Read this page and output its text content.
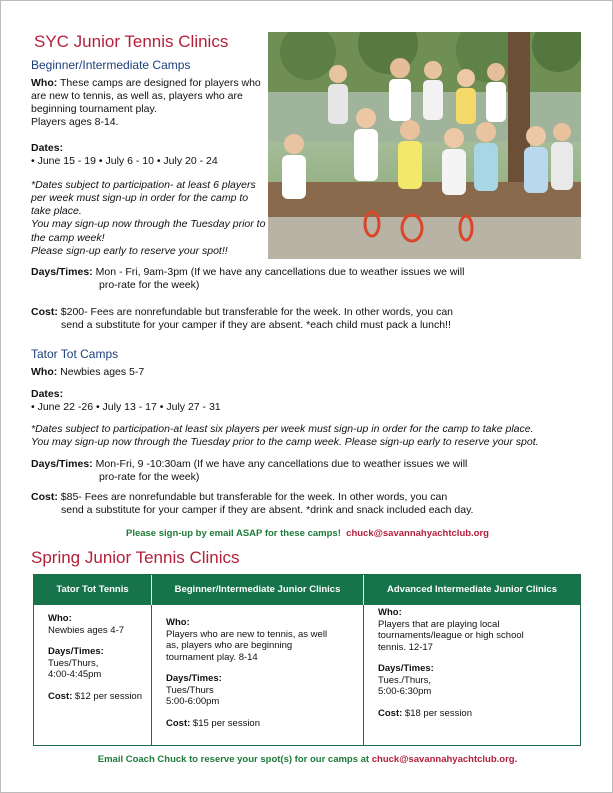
SYC Junior Tennis Clinics
Beginner/Intermediate Camps
Who: These camps are designed for players who are new to tennis, as well as, players who are beginning tournament play.
Players ages 8-14.
Dates:
• June 15 - 19 • July 6 - 10 • July 20 - 24
*Dates subject to participation- at least 6 players per week must sign-up in order for the camp to take place.
You may sign-up now through the Tuesday prior to the camp week!
Please sign-up early to reserve your spot!!
Days/Times: Mon - Fri, 9am-3pm (If we have any cancellations due to weather issues we will
pro-rate for the week)
Cost: $200- Fees are nonrefundable but transferable for the week. In other words, you can
send a substitute for your camper if they are absent. *each child must pack a lunch!!
Tator Tot Camps
Who: Newbies ages 5-7
Dates:
• June 22 -26 • July 13 - 17 • July 27 - 31
*Dates subject to participation-at least six players per week must sign-up in order for the camp to take place.
You may sign-up now through the Tuesday prior to the camp week. Please sign-up early to reserve your spot.
Days/Times: Mon-Fri, 9 -10:30am (If we have any cancellations due to weather issues we will
pro-rate for the week)
Cost: $85- Fees are nonrefundable but transferable for the week. In other words, you can
send a substitute for your camper if they are absent. *drink and snack included each day.
Please sign-up by email ASAP for these camps! chuck@savannahyachtclub.org
Spring Junior Tennis Clinics
Tator Tot Tennis	Beginner/Intermediate Junior Clinics	Advanced Intermediate Junior Clinics
Who:
Newbies ages 4-7
Days/Times:
Tues/Thurs,
4:00-4:45pm
Cost: $12 per session
Who:
Players who are new to tennis, as well
as, players who are beginning
tournament play. 8-14
Days/Times:
Tues/Thurs
5:00-6:00pm
Cost: $15 per session
Who:
Players that are playing local
tournaments/league or high school
tennis. 12-17
Days/Times:
Tues./Thurs,
5:00-6:30pm
Cost: $18 per session
Email Coach Chuck to reserve your spot(s) for our camps at chuck@savannahyachtclub.org.
